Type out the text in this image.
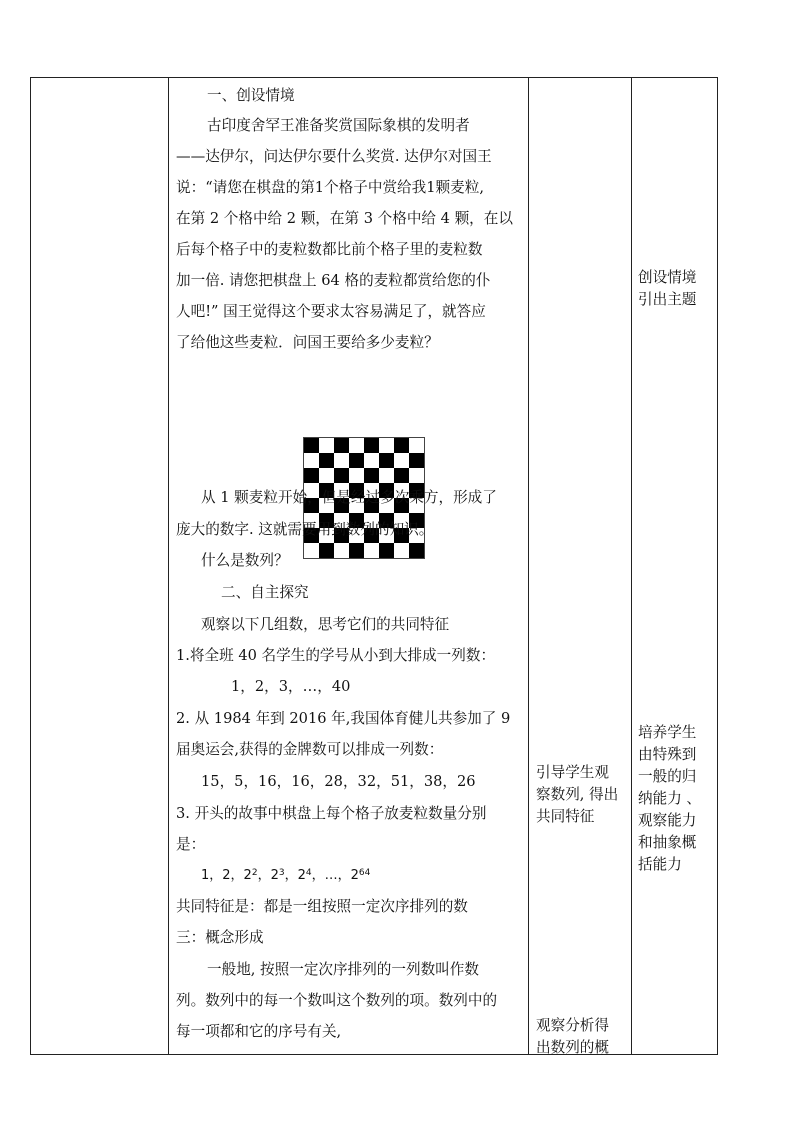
一、创设情境
古印度舍罕王准备奖赏国际象棋的发明者
——达伊尔，问达伊尔要什么奖赏. 达伊尔对国王
说：“请您在棋盘的第1个格子中赏给我1颗麦粒,
在第 2 个格中给 2 颗，在第 3 个格中给 4 颗，在以
后每个格子中的麦粒数都比前个格子里的麦粒数
加一倍. 请您把棋盘上 64 格的麦粒都赏给您的仆
人吧!” 国王觉得这个要求太容易满足了，就答应
了给他这些麦粒．问国王要给多少麦粒？
从 1 颗麦粒开始，但是经过多次乘方，形成了
庞大的数字. 这就需要用到数列的知识。
什么是数列？
二、自主探究
观察以下几组数，思考它们的共同特征
1.将全班 40 名学生的学号从小到大排成一列数：
1，2，3，…，40
2. 从 1984 年到 2016 年,我国体育健儿共参加了 9
届奥运会,获得的金牌数可以排成一列数：
15，5，16，16，28，32，51，38，26
3. 开头的故事中棋盘上每个格子放麦粒数量分别
是：
1，2，$2^2$，$2^3$，$2^4$，…，$2^{64}$
共同特征是：都是一组按照一定次序排列的数
三：概念形成
一般地, 按照一定次序排列的一列数叫作数
列。数列中的每一个数叫这个数列的项。数列中的
每一项都和它的序号有关,
引导学生观
察数列, 得出
共同特征
观察分析得
出数列的概
创设情境
引出主题
培养学生
由特殊到
一般的归
纳能力 、
观察能力
和抽象概
括能力
